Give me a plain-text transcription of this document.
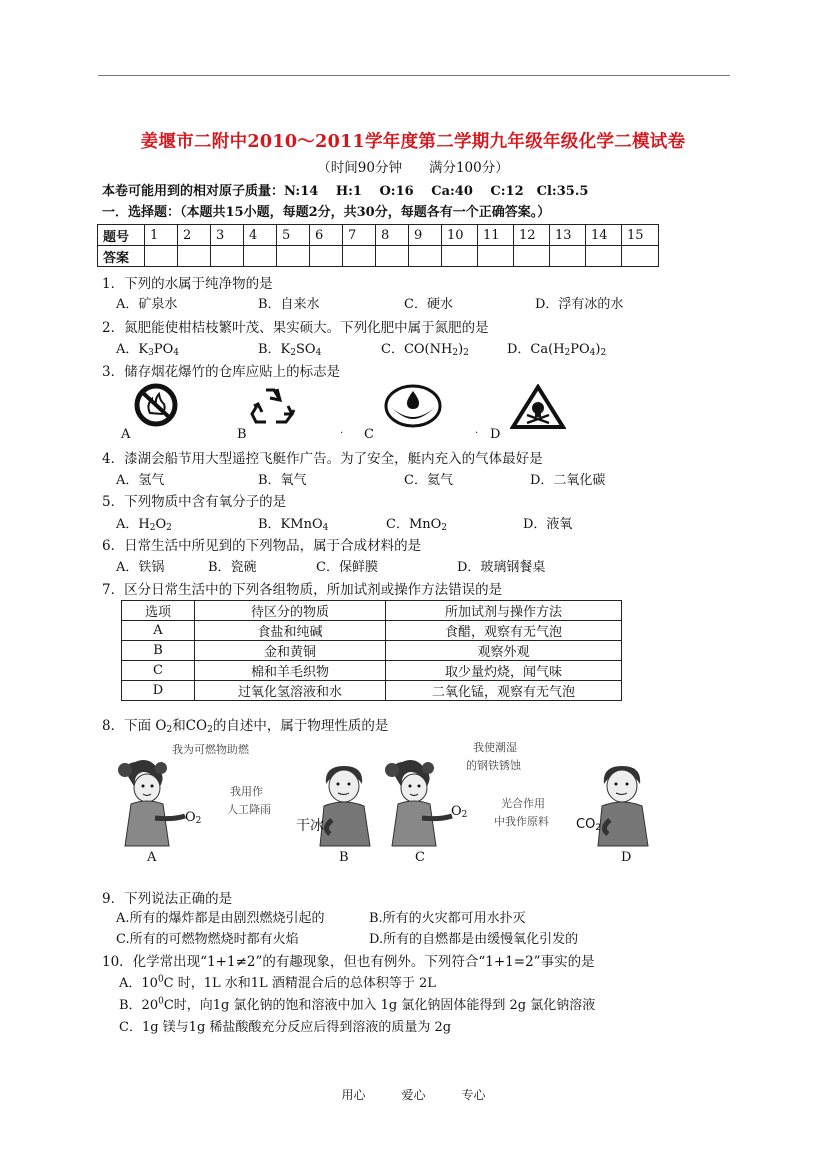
姜堰市二附中2010～2011学年度第二学期九年级年级化学二模试卷
（时间90分钟　　满分100分）
本卷可能用到的相对原子质量：N:14　 H:1 　O:16　 Ca:40 　C:12　Cl:35.5
一．选择题：（本题共15小题，每题2分，共30分，每题各有一个正确答案。）
题号	1	2	3	4	5	6	7	8	9	10	11	12	13	14	15
答案															
1．下列的水属于纯净物的是
A．矿泉水	B．自来水	C．硬水	D．浮有冰的水
2．氮肥能使柑桔枝繁叶茂、果实硕大。下列化肥中属于氮肥的是
A．$K_3PO_4$	B．$K_2SO_4$	C．$CO(NH_2)_2$	D．$Ca(H_2PO_4)_2$
3．储存烟花爆竹的仓库应贴上的标志是
A	B	. C	. D
4．漆湖会船节用大型遥控飞艇作广告。为了安全，艇内充入的气体最好是
A．氢气	B．氧气	C．氦气	D．二氧化碳
5．下列物质中含有氧分子的是
A．$H_2O_2$	B．KMnO$_4$	C．MnO$_2$	D．液氧
6．日常生活中所见到的下列物品，属于合成材料的是
A．铁锅	B．瓷碗	C．保鲜膜	D．玻璃钢餐桌
7．区分日常生活中的下列各组物质，所加试剂或操作方法错误的是
选项	待区分的物质	所加试剂与操作方法
A	食盐和纯碱	食醋，观察有无气泡
B	金和黄铜	观察外观
C	棉和羊毛织物	取少量灼烧，闻气味
D	过氧化氢溶液和水	二氧化锰，观察有无气泡
8．下面 $O_2$和$CO_2$的自述中，属于物理性质的是
我为可燃物助燃
我用作
人工降雨
我使潮湿
的钢铁锈蚀
光合作用
中我作原料
$O_2$	干冰
$O_2$
$CO_2$
A	B	C	D
9．下列说法正确的是
A.所有的爆炸都是由剧烈燃烧引起的	B.所有的火灾都可用水扑灭
C.所有的可燃物燃烧时都有火焰	D.所有的自燃都是由缓慢氧化引发的
10．化学常出现“1+1≠2”的有趣现象，但也有例外。下列符合“1+1=2”事实的是
A．$10^0C$ 时，1L 水和1L 酒精混合后的总体积等于 2L
B．$20^0C$时，向1g 氯化钠的饱和溶液中加入 1g 氯化钠固体能得到 2g 氯化钠溶液
C．1g 镁与1g 稀盐酸酸充分反应后得到溶液的质量为 2g
用心　　　爱心　　　专心
